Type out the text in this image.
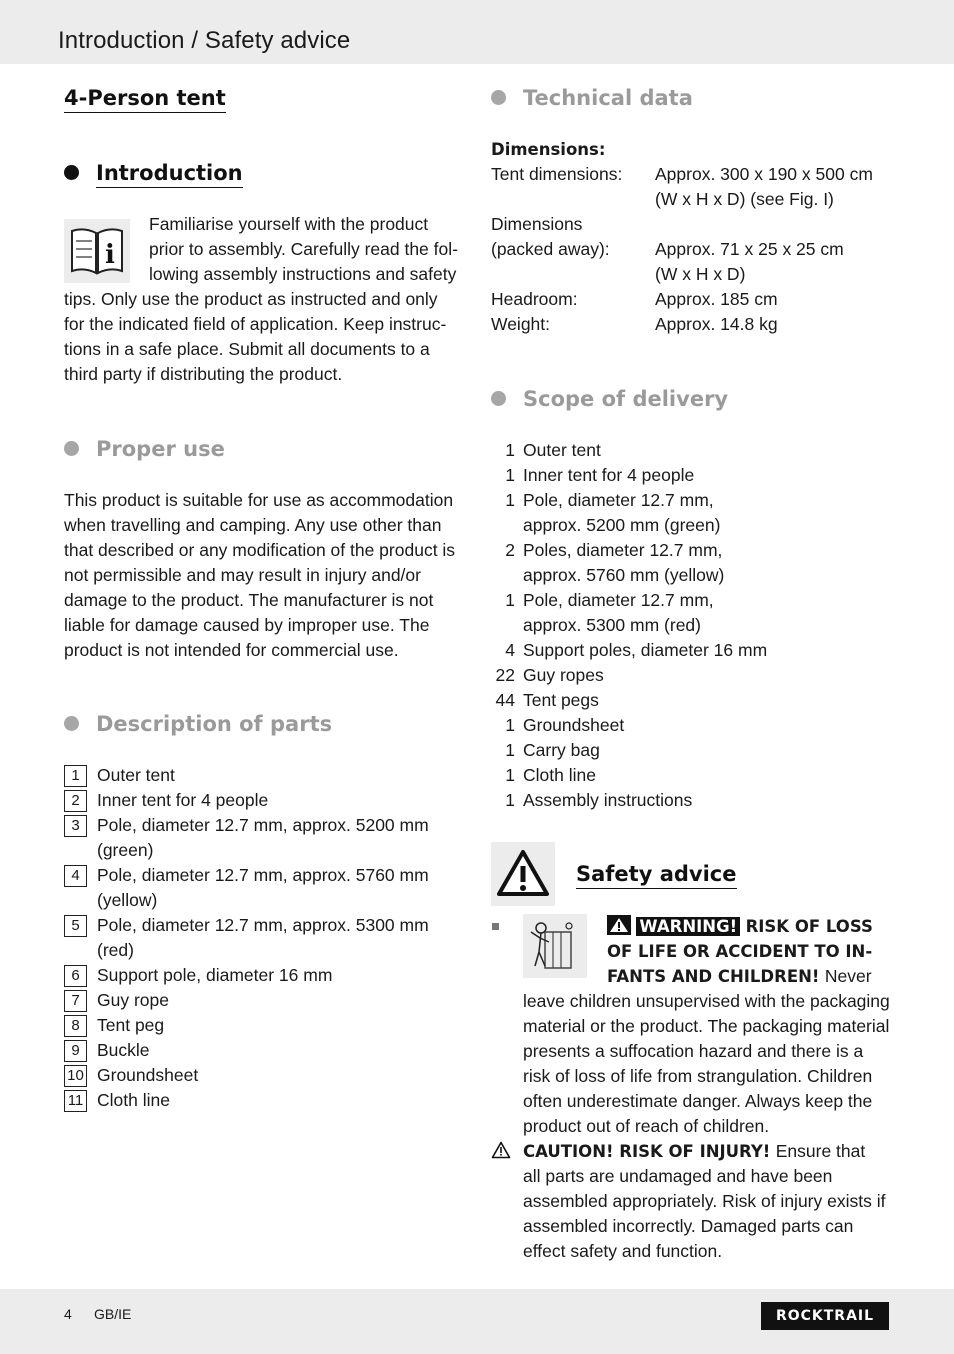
Introduction / Safety advice
4-Person tent
Introduction
i
Familiarise yourself with the product
prior to assembly. Carefully read the fol-
lowing assembly instructions and safety
tips. Only use the product as instructed and only
for the indicated field of application. Keep instruc-
tions in a safe place. Submit all documents to a
third party if distributing the product.
Proper use
This product is suitable for use as accommodation
when travelling and camping. Any use other than
that described or any modification of the product is
not permissible and may result in injury and/or
damage to the product. The manufacturer is not
liable for damage caused by improper use. The
product is not intended for commercial use.
Description of parts
1 Outer tent
2 Inner tent for 4 people
3 Pole, diameter 12.7 mm, approx. 5200 mm
(green)
4 Pole, diameter 12.7 mm, approx. 5760 mm
(yellow)
5 Pole, diameter 12.7 mm, approx. 5300 mm
(red)
6 Support pole, diameter 16 mm
7 Guy rope
8 Tent peg
9 Buckle
10 Groundsheet
11 Cloth line
Technical data
Dimensions:
Tent dimensions: Approx. 300 x 190 x 500 cm
(W x H x D) (see Fig. I)
Dimensions
(packed away):	Approx. 71 x 25 x 25 cm
(W x H x D)
Headroom:	Approx. 185 cm
Weight:	Approx. 14.8 kg
Scope of delivery
1 Outer tent
1 Inner tent for 4 people
1 Pole, diameter 12.7 mm,
approx. 5200 mm (green)
2 Poles, diameter 12.7 mm,
approx. 5760 mm (yellow)
1 Pole, diameter 12.7 mm,
approx. 5300 mm (red)
4 Support poles, diameter 16 mm
22 Guy ropes
44 Tent pegs
1 Groundsheet
1 Carry bag
1 Cloth line
1 Assembly instructions
Safety advice
WARNING! RISK OF LOSS
OF LIFE OR ACCIDENT TO IN-
FANTS AND CHILDREN! Never
leave children unsupervised with the packaging
material or the product. The packaging material
presents a suffocation hazard and there is a
risk of loss of life from strangulation. Children
often underestimate danger. Always keep the
product out of reach of children.
CAUTION! RISK OF INJURY! Ensure that
all parts are undamaged and have been
assembled appropriately. Risk of injury exists if
assembled incorrectly. Damaged parts can
effect safety and function.
4 GB/IE	ROCKTRAIL
